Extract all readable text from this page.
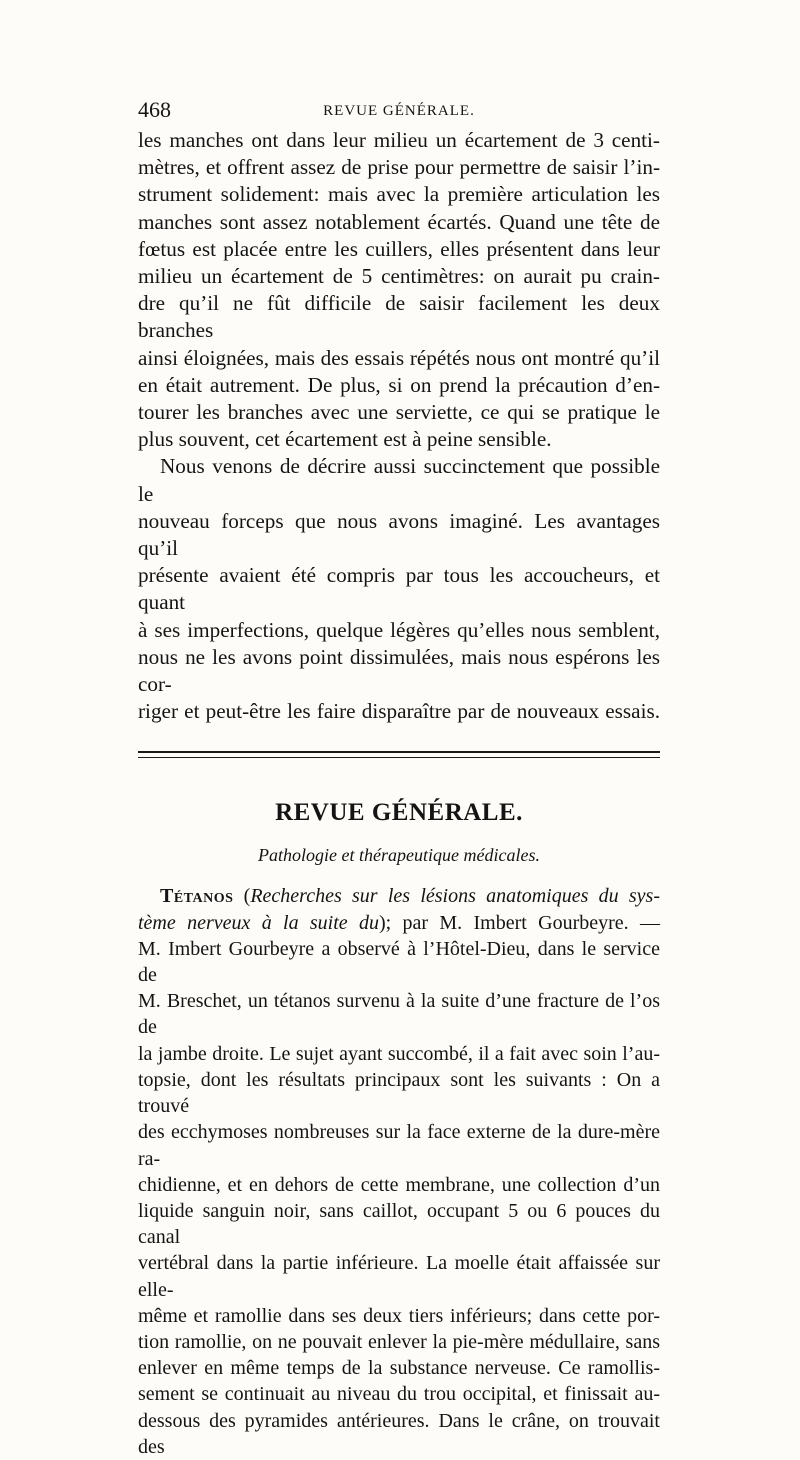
468	REVUE GÉNÉRALE.

les manches ont dans leur milieu un écartement de 3 centi-
mètres, et offrent assez de prise pour permettre de saisir l’in-
strument solidement: mais avec la première articulation les
manches sont assez notablement écartés. Quand une tête de
fœtus est placée entre les cuillers, elles présentent dans leur
milieu un écartement de 5 centimètres: on aurait pu crain-
dre qu’il ne fût difficile de saisir facilement les deux branches
ainsi éloignées, mais des essais répétés nous ont montré qu’il
en était autrement. De plus, si on prend la précaution d’en-
tourer les branches avec une serviette, ce qui se pratique le
plus souvent, cet écartement est à peine sensible.

Nous venons de décrire aussi succinctement que possible le
nouveau forceps que nous avons imaginé. Les avantages qu’il
présente avaient été compris par tous les accoucheurs, et quant
à ses imperfections, quelque légères qu’elles nous semblent,
nous ne les avons point dissimulées, mais nous espérons les cor-
riger et peut-être les faire disparaître par de nouveaux essais.

REVUE GÉNÉRALE.

Pathologie et thérapeutique médicales.

Tétanos (Recherches sur les lésions anatomiques du sys-
tème nerveux à la suite du); par M. Imbert Gourbeyre. —
M. Imbert Gourbeyre a observé à l’Hôtel-Dieu, dans le service de
M. Breschet, un tétanos survenu à la suite d’une fracture de l’os de
la jambe droite. Le sujet ayant succombé, il a fait avec soin l’au-
topsie, dont les résultats principaux sont les suivants : On a trouvé
des ecchymoses nombreuses sur la face externe de la dure-mère ra-
chidienne, et en dehors de cette membrane, une collection d’un
liquide sanguin noir, sans caillot, occupant 5 ou 6 pouces du canal
vertébral dans la partie inférieure. La moelle était affaissée sur elle-
même et ramollie dans ses deux tiers inférieurs; dans cette por-
tion ramollie, on ne pouvait enlever la pie-mère médullaire, sans
enlever en même temps de la substance nerveuse. Ce ramollis-
sement se continuait au niveau du trou occipital, et finissait au-
dessous des pyramides antérieures. Dans le crâne, on trouvait des
